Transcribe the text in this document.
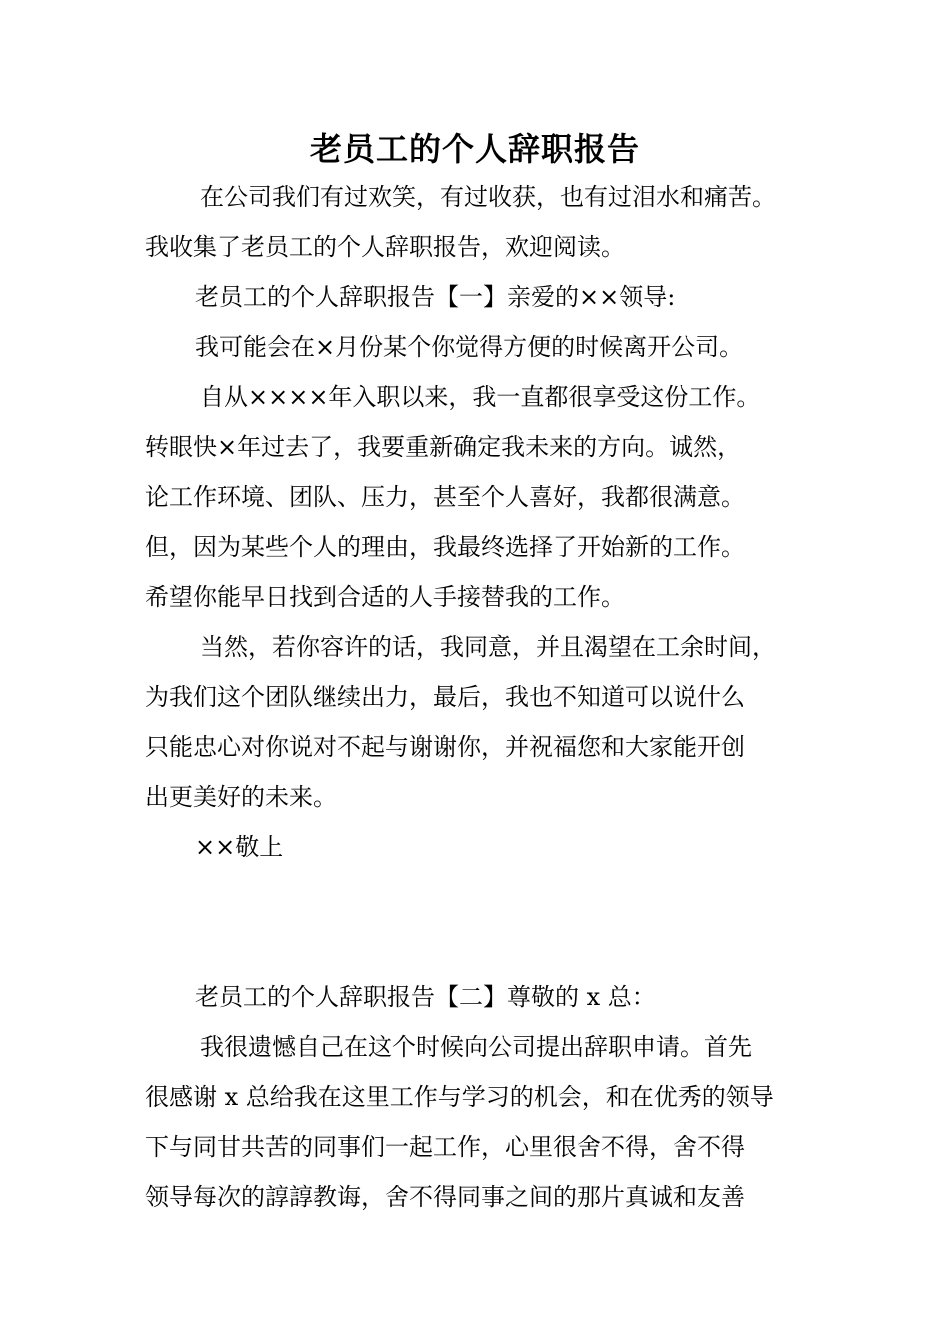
老员工的个人辞职报告
在公司我们有过欢笑，有过收获，也有过泪水和痛苦。
我收集了老员工的个人辞职报告，欢迎阅读。
老员工的个人辞职报告【一】亲爱的××领导:
我可能会在×月份某个你觉得方便的时候离开公司。
自从××××年入职以来，我一直都很享受这份工作。
转眼快×年过去了，我要重新确定我未来的方向。诚然，
论工作环境、团队、压力，甚至个人喜好，我都很满意。
但，因为某些个人的理由，我最终选择了开始新的工作。
希望你能早日找到合适的人手接替我的工作。
当然，若你容许的话，我同意，并且渴望在工余时间，
为我们这个团队继续出力，最后，我也不知道可以说什么
只能忠心对你说对不起与谢谢你，并祝福您和大家能开创
出更美好的未来。
××敬上
老员工的个人辞职报告【二】尊敬的 x 总：
我很遗憾自己在这个时候向公司提出辞职申请。首先
很感谢 x 总给我在这里工作与学习的机会，和在优秀的领导
下与同甘共苦的同事们一起工作，心里很舍不得，舍不得
领导每次的諄諄教诲，舍不得同事之间的那片真诚和友善
